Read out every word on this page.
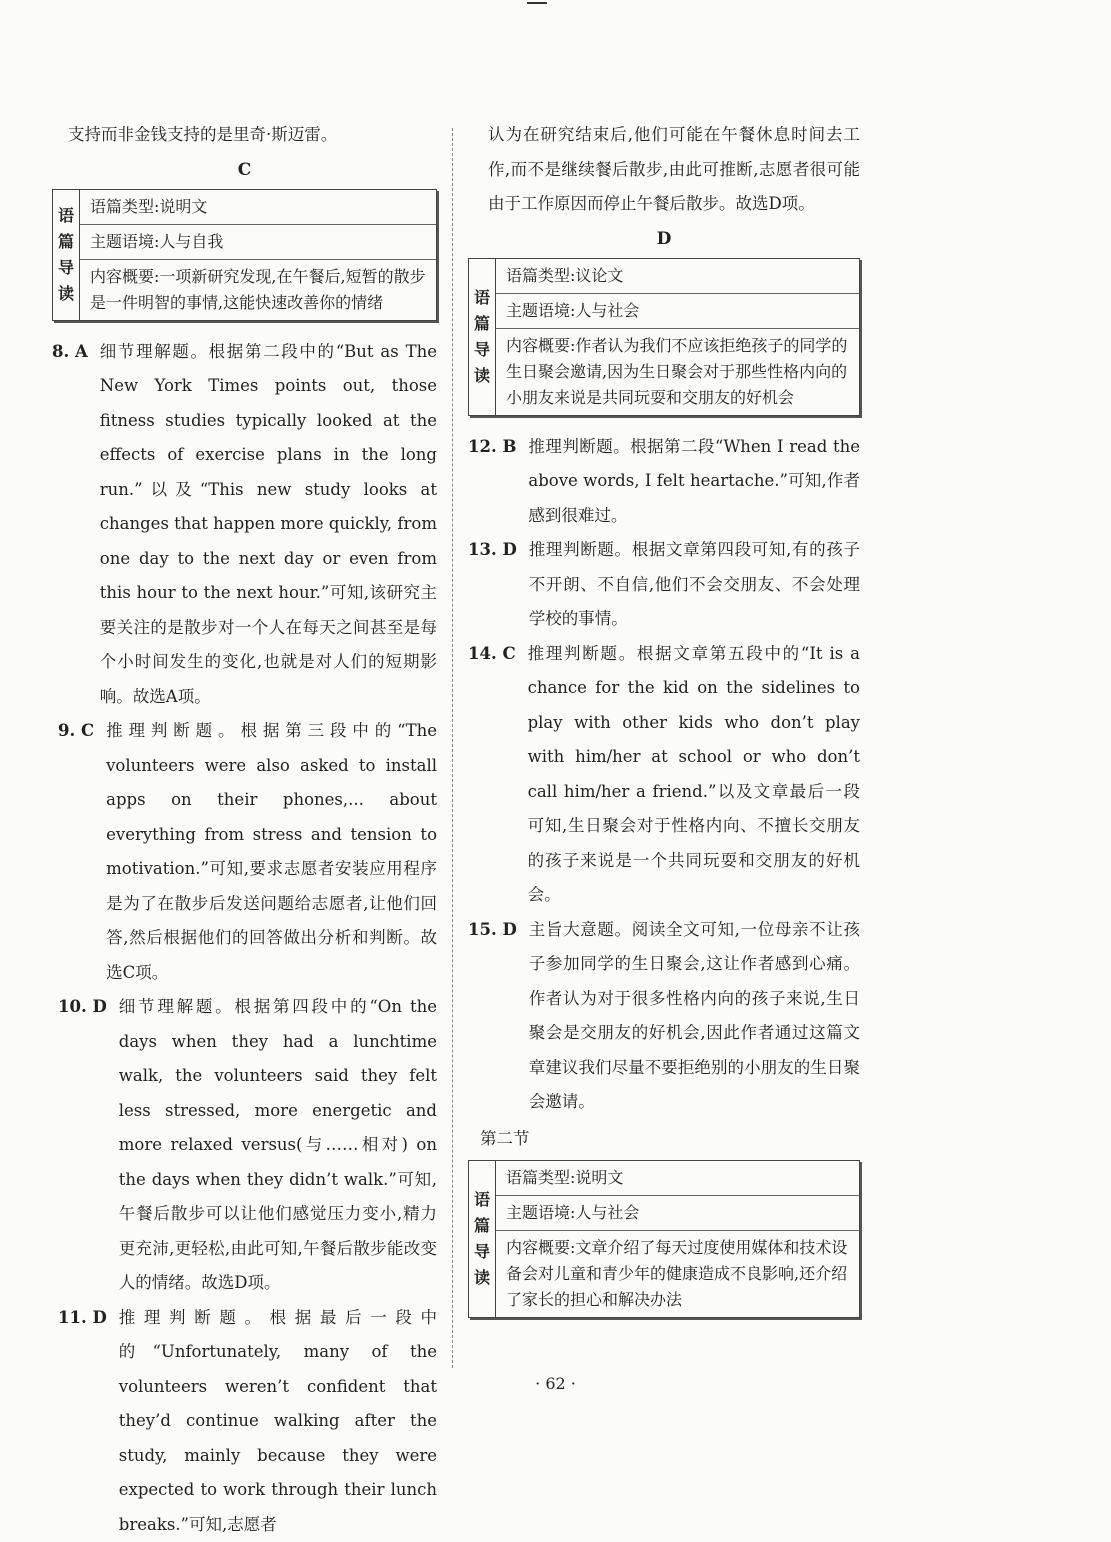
支持而非金钱支持的是里奇·斯迈雷。

C
语
篇
导
读
语篇类型:说明文
主题语境:人与自我
内容概要:一项新研究发现,在午餐后,短暂的散步是一件明智的事情,这能快速改善你的情绪
8. A 细节理解题。根据第二段中的“But as The New York Times points out, those fitness studies typically looked at the effects of exercise plans in the long run.”以及“This new study looks at changes that happen more quickly, from one day to the next day or even from this hour to the next hour.”可知,该研究主要关注的是散步对一个人在每天之间甚至是每个小时间发生的变化,也就是对人们的短期影响。故选A项。
9. C 推理判断题。根据第三段中的“The volunteers were also asked to install apps on their phones,... about everything from stress and tension to motivation.”可知,要求志愿者安装应用程序是为了在散步后发送问题给志愿者,让他们回答,然后根据他们的回答做出分析和判断。故选C项。
10. D 细节理解题。根据第四段中的“On the days when they had a lunchtime walk, the volunteers said they felt less stressed, more energetic and more relaxed versus(与……相对) on the days when they didn’t walk.”可知,午餐后散步可以让他们感觉压力变小,精力更充沛,更轻松,由此可知,午餐后散步能改变人的情绪。故选D项。
11. D 推理判断题。根据最后一段中的“Unfortunately, many of the volunteers weren’t confident that they’d continue walking after the study, mainly because they were expected to work through their lunch breaks.”可知,志愿者

认为在研究结束后,他们可能在午餐休息时间去工作,而不是继续餐后散步,由此可推断,志愿者很可能由于工作原因而停止午餐后散步。故选D项。

D
语
篇
导
读
语篇类型:议论文
主题语境:人与社会
内容概要:作者认为我们不应该拒绝孩子的同学的生日聚会邀请,因为生日聚会对于那些性格内向的小朋友来说是共同玩耍和交朋友的好机会
12. B 推理判断题。根据第二段“When I read the above words, I felt heartache.”可知,作者感到很难过。
13. D 推理判断题。根据文章第四段可知,有的孩子不开朗、不自信,他们不会交朋友、不会处理学校的事情。
14. C 推理判断题。根据文章第五段中的“It is a chance for the kid on the sidelines to play with other kids who don’t play with him/her at school or who don’t call him/her a friend.”以及文章最后一段可知,生日聚会对于性格内向、不擅长交朋友的孩子来说是一个共同玩耍和交朋友的好机会。
15. D 主旨大意题。阅读全文可知,一位母亲不让孩子参加同学的生日聚会,这让作者感到心痛。作者认为对于很多性格内向的孩子来说,生日聚会是交朋友的好机会,因此作者通过这篇文章建议我们尽量不要拒绝别的小朋友的生日聚会邀请。
第二节
语
篇
导
读
语篇类型:说明文
主题语境:人与社会
内容概要:文章介绍了每天过度使用媒体和技术设备会对儿童和青少年的健康造成不良影响,还介绍了家长的担心和解决办法
· 62 ·
